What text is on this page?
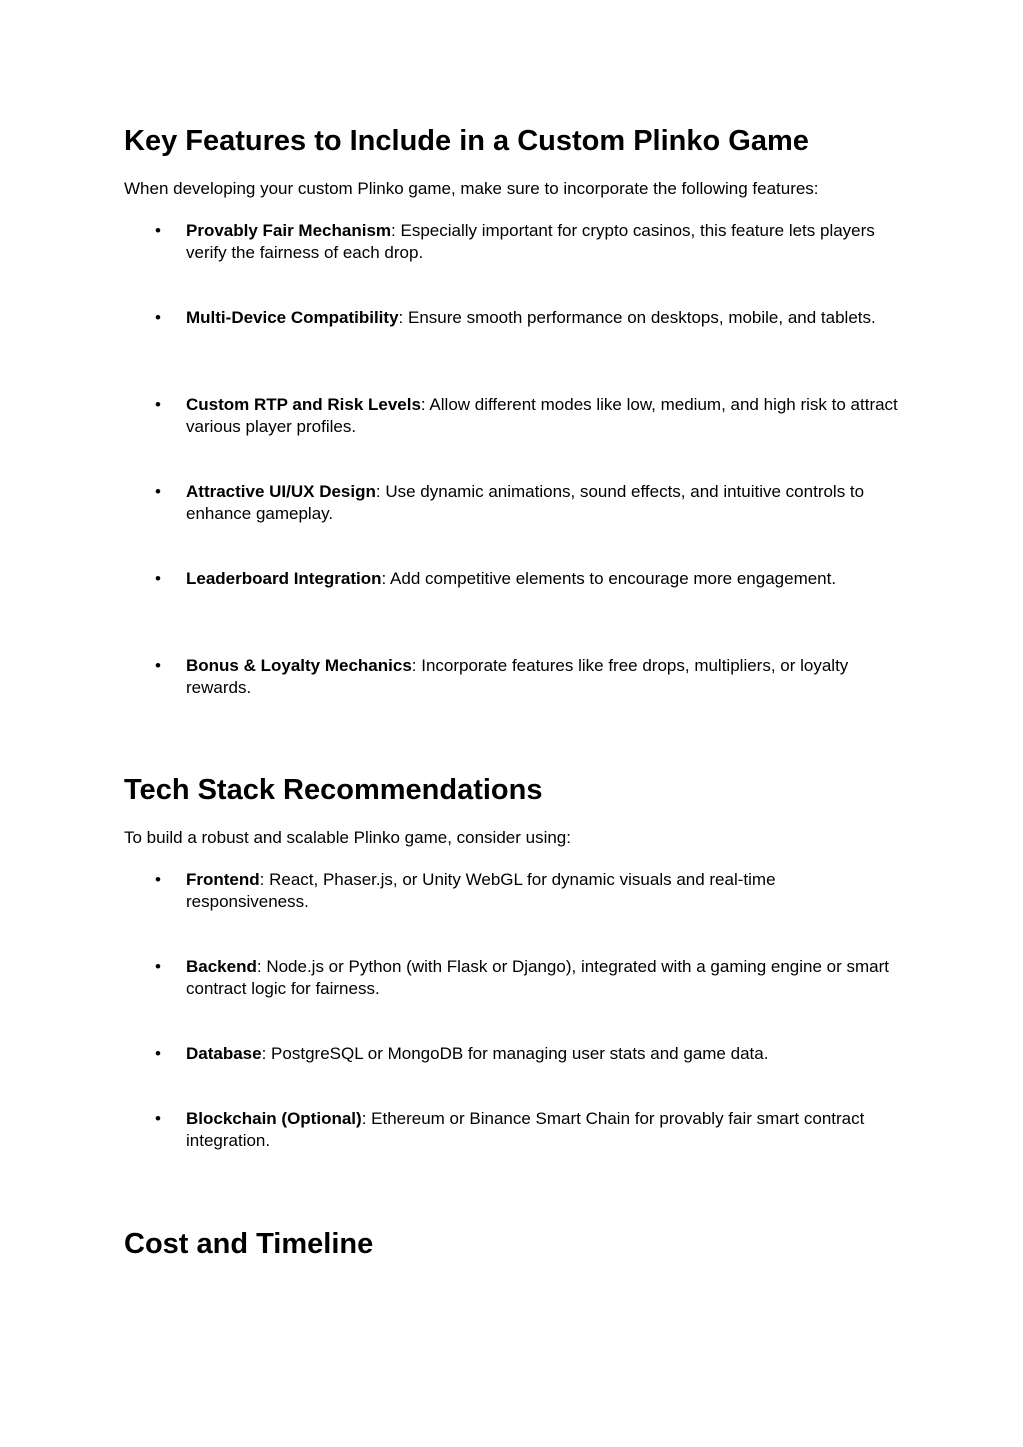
Key Features to Include in a Custom Plinko Game

When developing your custom Plinko game, make sure to incorporate the following features:

• Provably Fair Mechanism: Especially important for crypto casinos, this feature lets players verify the fairness of each drop.
• Multi-Device Compatibility: Ensure smooth performance on desktops, mobile, and tablets.
• Custom RTP and Risk Levels: Allow different modes like low, medium, and high risk to attract various player profiles.
• Attractive UI/UX Design: Use dynamic animations, sound effects, and intuitive controls to enhance gameplay.
• Leaderboard Integration: Add competitive elements to encourage more engagement.
• Bonus & Loyalty Mechanics: Incorporate features like free drops, multipliers, or loyalty rewards.
Tech Stack Recommendations

To build a robust and scalable Plinko game, consider using:

• Frontend: React, Phaser.js, or Unity WebGL for dynamic visuals and real-time responsiveness.
• Backend: Node.js or Python (with Flask or Django), integrated with a gaming engine or smart contract logic for fairness.
• Database: PostgreSQL or MongoDB for managing user stats and game data.
• Blockchain (Optional): Ethereum or Binance Smart Chain for provably fair smart contract integration.
Cost and Timeline
